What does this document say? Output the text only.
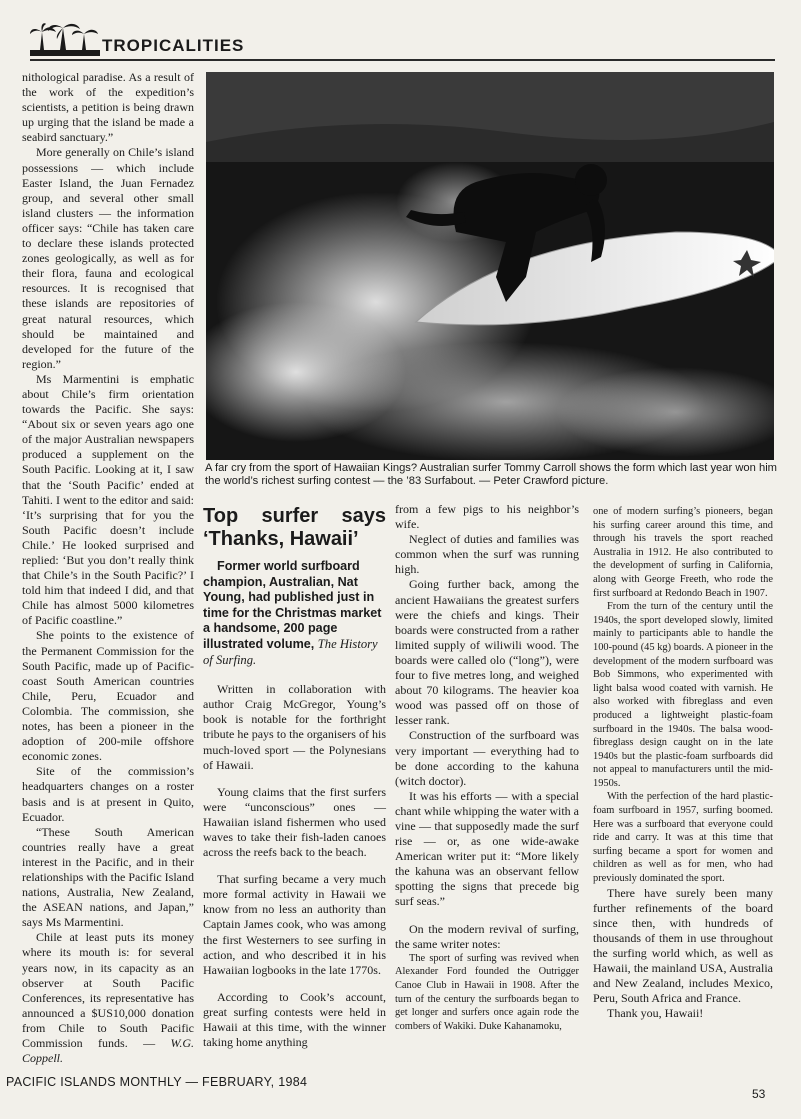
TROPICALITIES

nithological paradise. As a result of the work of the expedition’s scientists, a petition is being drawn up urging that the island be made a seabird sanctuary.”

More generally on Chile’s island possessions — which include Easter Island, the Juan Fernadez group, and several other small island clusters — the information officer says: “Chile has taken care to declare these islands protected zones geologically, as well as for their flora, fauna and ecological resources. It is recognised that these islands are repositories of great natural resources, which should be maintained and developed for the future of the region.”

Ms Marmentini is emphatic about Chile’s firm orientation towards the Pacific. She says: “About six or seven years ago one of the major Australian newspapers produced a supplement on the South Pacific. Looking at it, I saw that the ‘South Pacific’ ended at Tahiti. I went to the editor and said: ‘It’s surprising that for you the South Pacific doesn’t include Chile.’ He looked surprised and replied: ‘But you don’t really think that Chile’s in the South Pacific?’ I told him that indeed I did, and that Chile has almost 5000 kilometres of Pacific coastline.”

She points to the existence of the Permanent Commission for the South Pacific, made up of Pacific-coast South American countries Chile, Peru, Ecuador and Colombia. The commission, she notes, has been a pioneer in the adoption of 200-mile offshore economic zones.

Site of the commission’s headquarters changes on a roster basis and is at present in Quito, Ecuador.

“These South American countries really have a great interest in the Pacific, and in their relationships with the Pacific Island nations, Australia, New Zealand, the ASEAN nations, and Japan,” says Ms Marmentini.

Chile at least puts its money where its mouth is: for several years now, in its capacity as an observer at South Pacific Conferences, its representative has announced a $US10,000 donation from Chile to South Pacific Commission funds. — W.G. Coppell.

A far cry from the sport of Hawaiian Kings? Australian surfer Tommy Carroll shows the form which last year won him the world’s richest surfing contest — the ’83 Surfabout. — Peter Crawford picture.
Top surfer says ‘Thanks, Hawaii’

Former world surfboard champion, Australian, Nat Young, had published just in time for the Christmas market a handsome, 200 page illustrated volume, The History of Surfing.

Written in collaboration with author Craig McGregor, Young’s book is notable for the forthright tribute he pays to the organisers of his much-loved sport — the Polynesians of Hawaii.

Young claims that the first surfers were “unconscious” ones — Hawaiian island fishermen who used waves to take their fish-laden canoes across the reefs back to the beach.

That surfing became a very much more formal activity in Hawaii we know from no less an authority than Captain James cook, who was among the first Westerners to see surfing in action, and who described it in his Hawaiian logbooks in the late 1770s.

According to Cook’s account, great surfing contests were held in Hawaii at this time, with the winner taking home anything

from a few pigs to his neighbor’s wife.

Neglect of duties and families was common when the surf was running high.

Going further back, among the ancient Hawaiians the greatest surfers were the chiefs and kings. Their boards were constructed from a rather limited supply of wiliwili wood. The boards were called olo (“long”), were four to five metres long, and weighed about 70 kilograms. The heavier koa wood was passed off on those of lesser rank.

Construction of the surfboard was very important — everything had to be done according to the kahuna (witch doctor).

It was his efforts — with a special chant while whipping the water with a vine — that supposedly made the surf rise — or, as one wide-awake American writer put it: “More likely the kahuna was an observant fellow spotting the signs that precede big surf seas.”

On the modern revival of surfing, the same writer notes:

The sport of surfing was revived when Alexander Ford founded the Outrigger Canoe Club in Hawaii in 1908. After the turn of the century the surfboards began to get longer and surfers once again rode the combers of Wakiki. Duke Kahanamoku,

one of modern surfing’s pioneers, began his surfing career around this time, and through his travels the sport reached Australia in 1912. He also contributed to the development of surfing in California, along with George Freeth, who rode the first surfboard at Redondo Beach in 1907.

From the turn of the century until the 1940s, the sport developed slowly, limited mainly to participants able to handle the 100-pound (45 kg) boards. A pioneer in the development of the modern surfboard was Bob Simmons, who experimented with light balsa wood coated with varnish. He also worked with fibreglass and even produced a lightweight plastic-foam surfboard in the 1940s. The balsa wood-fibreglass design caught on in the late 1940s but the plastic-foam surfboards did not appeal to manufacturers until the mid-1950s.

With the perfection of the hard plastic-foam surfboard in 1957, surfing boomed. Here was a surfboard that everyone could ride and carry. It was at this time that surfing became a sport for women and children as well as for men, who had previously dominated the sport.

There have surely been many further refinements of the board since then, with hundreds of thousands of them in use throughout the surfing world which, as well as Hawaii, the mainland USA, Australia and New Zealand, includes Mexico, Peru, South Africa and France.

Thank you, Hawaii!

PACIFIC ISLANDS MONTHLY — FEBRUARY, 1984
53
